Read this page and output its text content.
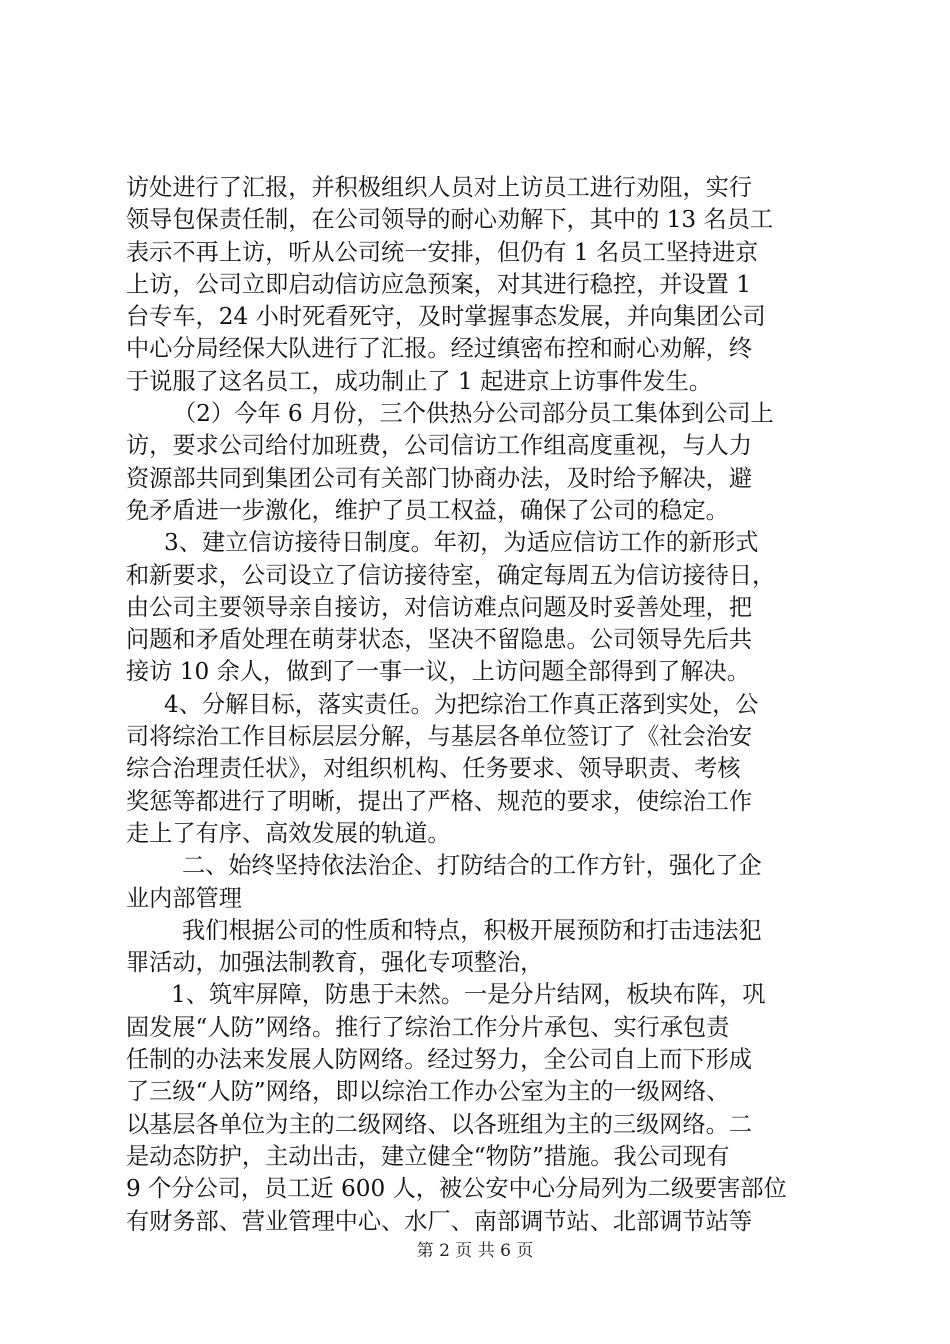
访处进行了汇报，并积极组织人员对上访员工进行劝阻，实行
领导包保责任制，在公司领导的耐心劝解下，其中的 13 名员工
表示不再上访，听从公司统一安排，但仍有 1 名员工坚持进京
上访，公司立即启动信访应急预案，对其进行稳控，并设置 1
台专车，24 小时死看死守，及时掌握事态发展，并向集团公司
中心分局经保大队进行了汇报。经过缜密布控和耐心劝解，终
于说服了这名员工，成功制止了 1 起进京上访事件发生。
（2）今年 6 月份，三个供热分公司部分员工集体到公司上
访，要求公司给付加班费，公司信访工作组高度重视，与人力
资源部共同到集团公司有关部门协商办法，及时给予解决，避
免矛盾进一步激化，维护了员工权益，确保了公司的稳定。
3、建立信访接待日制度。年初，为适应信访工作的新形式
和新要求，公司设立了信访接待室，确定每周五为信访接待日，
由公司主要领导亲自接访，对信访难点问题及时妥善处理，把
问题和矛盾处理在萌芽状态，坚决不留隐患。公司领导先后共
接访 10 余人，做到了一事一议，上访问题全部得到了解决。
4、分解目标，落实责任。为把综治工作真正落到实处，公
司将综治工作目标层层分解，与基层各单位签订了《社会治安
综合治理责任状》，对组织机构、任务要求、领导职责、考核
奖惩等都进行了明晰，提出了严格、规范的要求，使综治工作
走上了有序、高效发展的轨道。
二、始终坚持依法治企、打防结合的工作方针，强化了企
业内部管理
我们根据公司的性质和特点，积极开展预防和打击违法犯
罪活动，加强法制教育，强化专项整治，
1、筑牢屏障，防患于未然。一是分片结网，板块布阵，巩
固发展“人防”网络。推行了综治工作分片承包、实行承包责
任制的办法来发展人防网络。经过努力，全公司自上而下形成
了三级“人防”网络，即以综治工作办公室为主的一级网络、
以基层各单位为主的二级网络、以各班组为主的三级网络。二
是动态防护，主动出击，建立健全“物防”措施。我公司现有
9 个分公司，员工近 600 人，被公安中心分局列为二级要害部位
有财务部、营业管理中心、水厂、南部调节站、北部调节站等
第 2 页 共 6 页
